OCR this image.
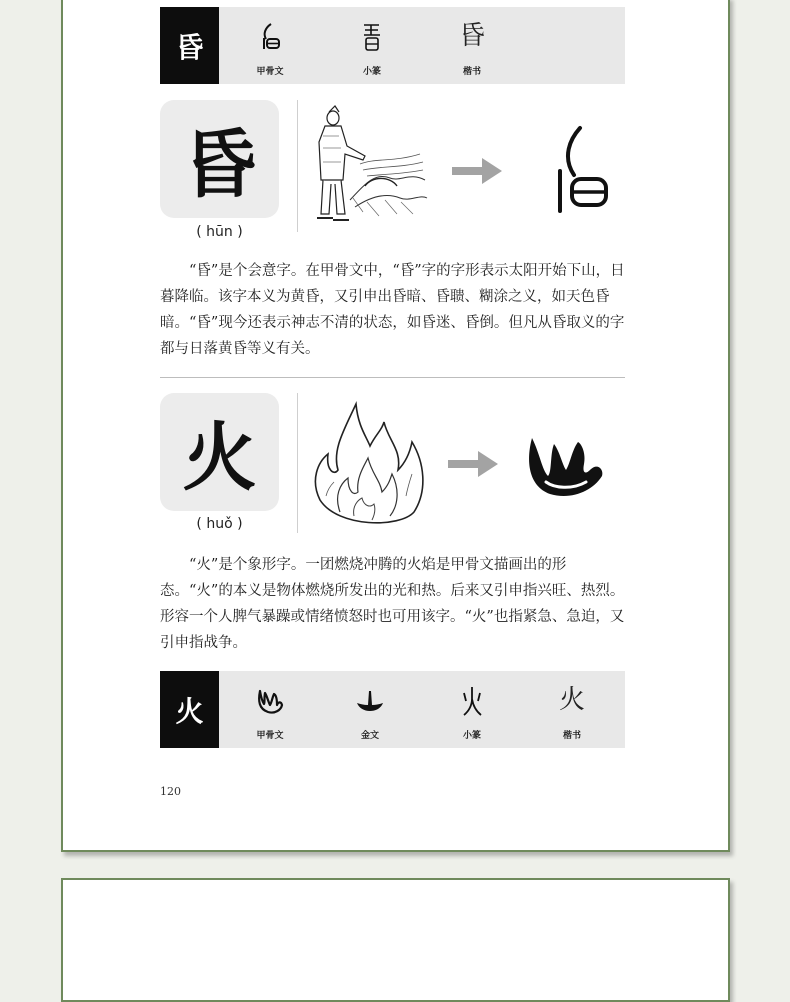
昏
甲骨文	小篆
昏
楷书
昏
( hūn )

“昏”是个会意字。在甲骨文中，“昏”字的字形表示太阳开始下山，日暮降临。该字本义为黄昏，又引申出昏暗、昏聩、糊涂之义，如天色昏暗。“昏”现今还表示神志不清的状态，如昏迷、昏倒。但凡从昏取义的字都与日落黄昏等义有关。

火
( huǒ )

“火”是个象形字。一团燃烧冲腾的火焰是甲骨文描画出的形态。“火”的本义是物体燃烧所发出的光和热。后来又引申指兴旺、热烈。形容一个人脾气暴躁或情绪愤怒时也可用该字。“火”也指紧急、急迫，又引申指战争。

火
甲骨文	金文	小篆
火
楷书
120
